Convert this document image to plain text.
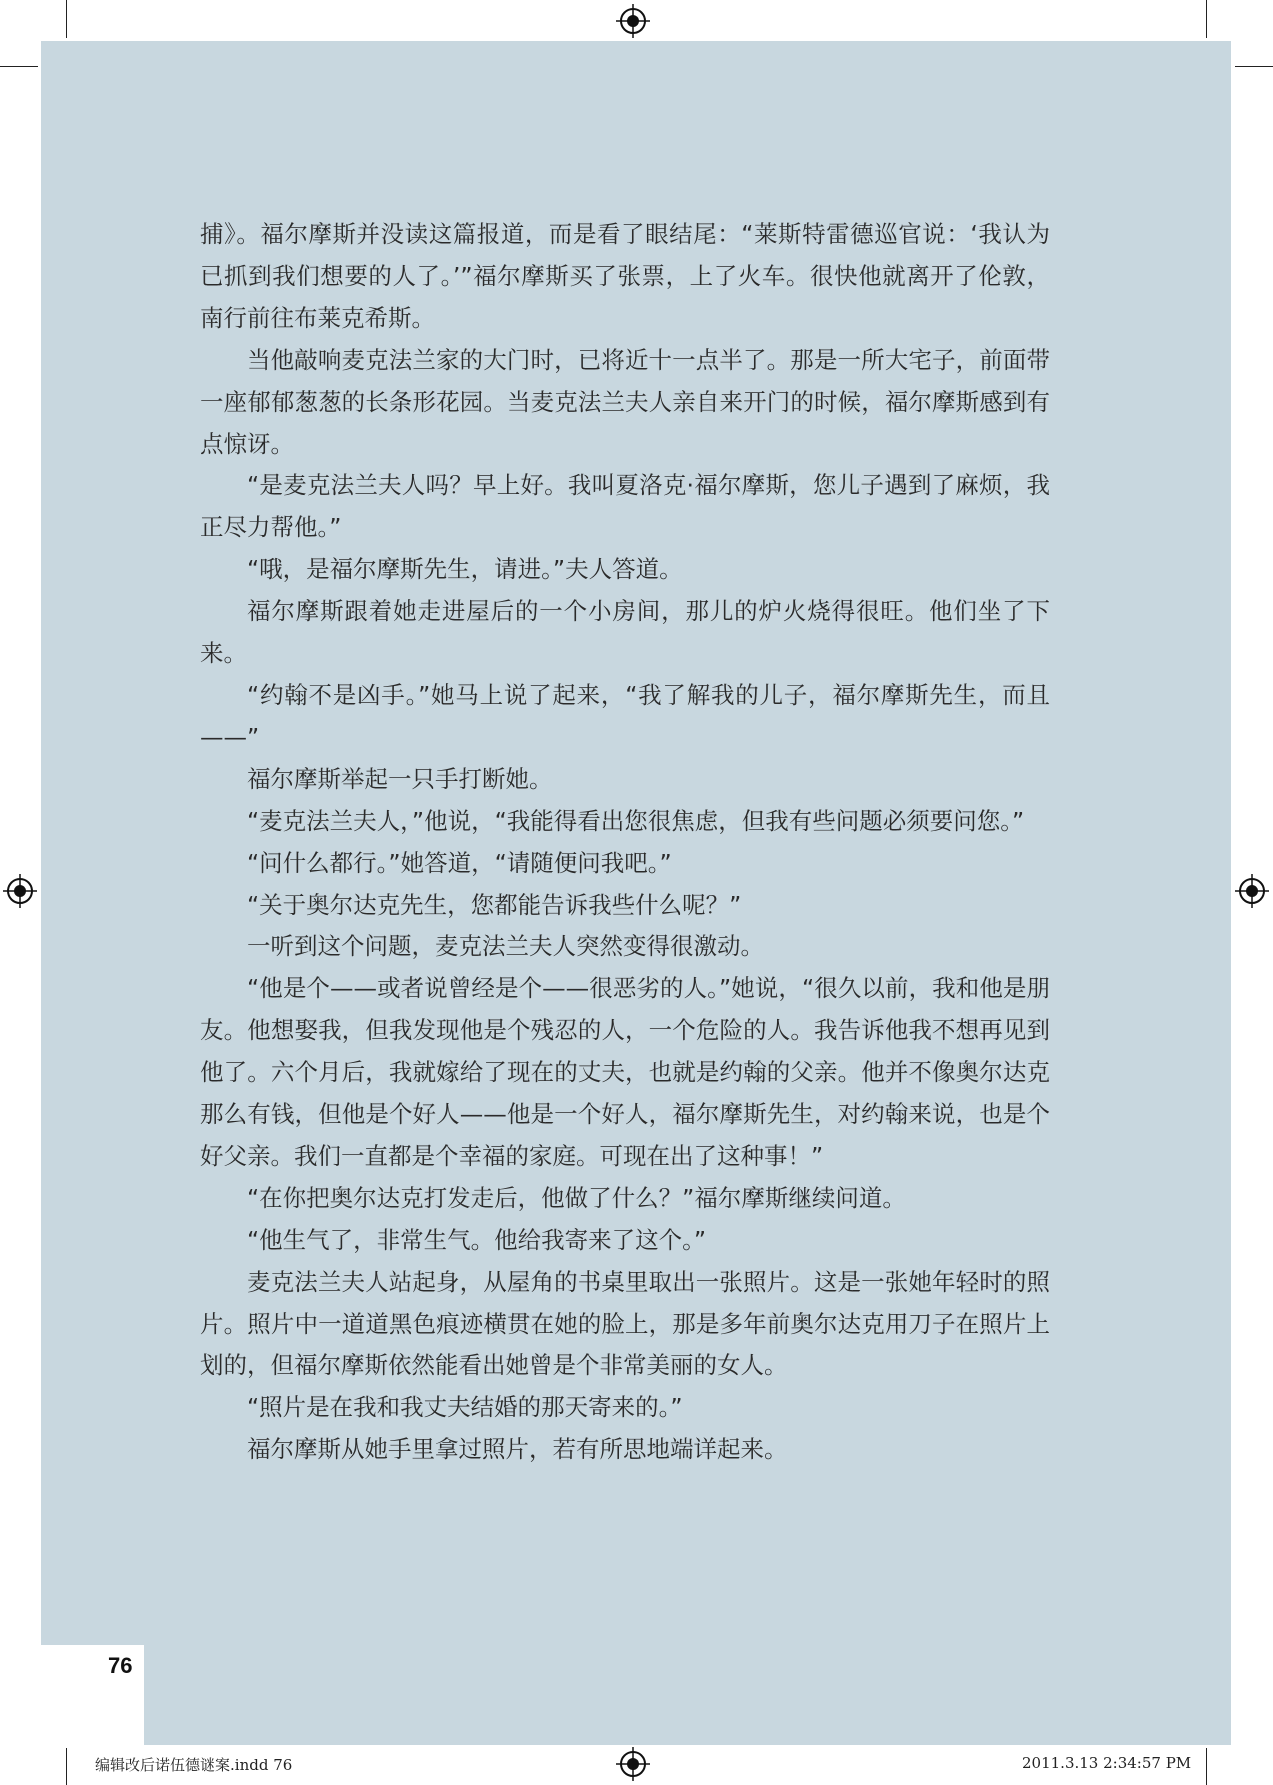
76

捕》。福尔摩斯并没读这篇报道，而是看了眼结尾：“莱斯特雷德巡官说：‘我认为已抓到我们想要的人了。’”福尔摩斯买了张票，上了火车。很快他就离开了伦敦，南行前往布莱克希斯。

当他敲响麦克法兰家的大门时，已将近十一点半了。那是一所大宅子，前面带一座郁郁葱葱的长条形花园。当麦克法兰夫人亲自来开门的时候，福尔摩斯感到有点惊讶。

“是麦克法兰夫人吗？早上好。我叫夏洛克·福尔摩斯，您儿子遇到了麻烦，我正尽力帮他。”

“哦，是福尔摩斯先生，请进。”夫人答道。

福尔摩斯跟着她走进屋后的一个小房间，那儿的炉火烧得很旺。他们坐了下来。

“约翰不是凶手。”她马上说了起来，“我了解我的儿子，福尔摩斯先生，而且——”

福尔摩斯举起一只手打断她。

“麦克法兰夫人，”他说，“我能得看出您很焦虑，但我有些问题必须要问您。”

“问什么都行。”她答道，“请随便问我吧。”

“关于奥尔达克先生，您都能告诉我些什么呢？”

一听到这个问题，麦克法兰夫人突然变得很激动。

“他是个——或者说曾经是个——很恶劣的人。”她说，“很久以前，我和他是朋友。他想娶我，但我发现他是个残忍的人，一个危险的人。我告诉他我不想再见到他了。六个月后，我就嫁给了现在的丈夫，也就是约翰的父亲。他并不像奥尔达克那么有钱，但他是个好人——他是一个好人，福尔摩斯先生，对约翰来说，也是个好父亲。我们一直都是个幸福的家庭。可现在出了这种事！”

“在你把奥尔达克打发走后，他做了什么？”福尔摩斯继续问道。

“他生气了，非常生气。他给我寄来了这个。”

麦克法兰夫人站起身，从屋角的书桌里取出一张照片。这是一张她年轻时的照片。照片中一道道黑色痕迹横贯在她的脸上，那是多年前奥尔达克用刀子在照片上划的，但福尔摩斯依然能看出她曾是个非常美丽的女人。

“照片是在我和我丈夫结婚的那天寄来的。”

福尔摩斯从她手里拿过照片，若有所思地端详起来。

编辑改后诺伍德谜案.indd 76	2011.3.13 2:34:57 PM
